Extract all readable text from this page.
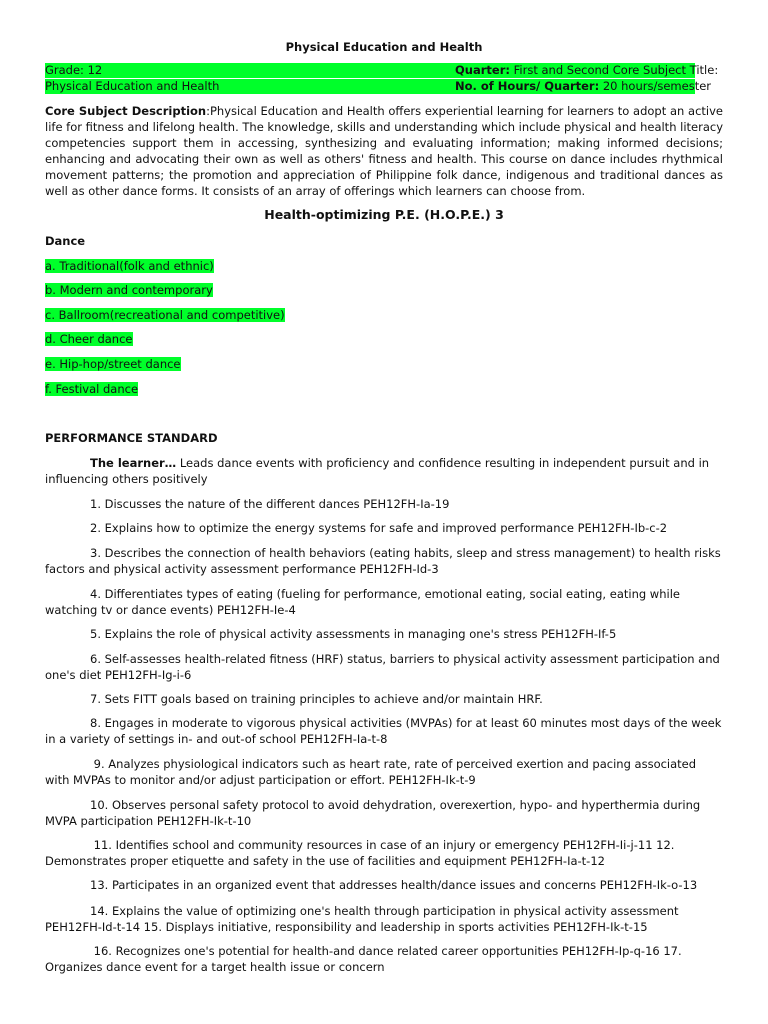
Physical Education and Health
Grade: 12	Quarter: First and Second Core Subject Title:
Physical Education and Health	No. of Hours/ Quarter: 20 hours/semester
Core Subject Description:Physical Education and Health offers experiential learning for learners to adopt an active life for fitness and lifelong health. The knowledge, skills and understanding which include physical and health literacy competencies support them in accessing, synthesizing and evaluating information; making informed decisions; enhancing and advocating their own as well as others' fitness and health. This course on dance includes rhythmical movement patterns; the promotion and appreciation of Philippine folk dance, indigenous and traditional dances as well as other dance forms. It consists of an array of offerings which learners can choose from.
Health-optimizing P.E. (H.O.P.E.) 3
Dance
a. Traditional(folk and ethnic)
b. Modern and contemporary
c. Ballroom(recreational and competitive)
d. Cheer dance
e. Hip-hop/street dance
f. Festival dance
PERFORMANCE STANDARD
The learner… Leads dance events with proficiency and confidence resulting in independent pursuit and in influencing others positively
1. Discusses the nature of the different dances PEH12FH-Ia-19
2. Explains how to optimize the energy systems for safe and improved performance PEH12FH-Ib-c-2
3. Describes the connection of health behaviors (eating habits, sleep and stress management) to health risks factors and physical activity assessment performance PEH12FH-Id-3
4. Differentiates types of eating (fueling for performance, emotional eating, social eating, eating while watching tv or dance events) PEH12FH-Ie-4
5. Explains the role of physical activity assessments in managing one's stress PEH12FH-If-5
6. Self-assesses health-related fitness (HRF) status, barriers to physical activity assessment participation and one's diet PEH12FH-Ig-i-6
7. Sets FITT goals based on training principles to achieve and/or maintain HRF.
8. Engages in moderate to vigorous physical activities (MVPAs) for at least 60 minutes most days of the week in a variety of settings in- and out-of school PEH12FH-Ia-t-8
9. Analyzes physiological indicators such as heart rate, rate of perceived exertion and pacing associated with MVPAs to monitor and/or adjust participation or effort. PEH12FH-Ik-t-9
10. Observes personal safety protocol to avoid dehydration, overexertion, hypo- and hyperthermia during MVPA participation PEH12FH-Ik-t-10
11. Identifies school and community resources in case of an injury or emergency PEH12FH-Ii-j-11 12. Demonstrates proper etiquette and safety in the use of facilities and equipment PEH12FH-Ia-t-12
13. Participates in an organized event that addresses health/dance issues and concerns PEH12FH-Ik-o-13
14. Explains the value of optimizing one's health through participation in physical activity assessment PEH12FH-Id-t-14 15. Displays initiative, responsibility and leadership in sports activities PEH12FH-Ik-t-15
16. Recognizes one's potential for health-and dance related career opportunities PEH12FH-Ip-q-16 17. Organizes dance event for a target health issue or concern
